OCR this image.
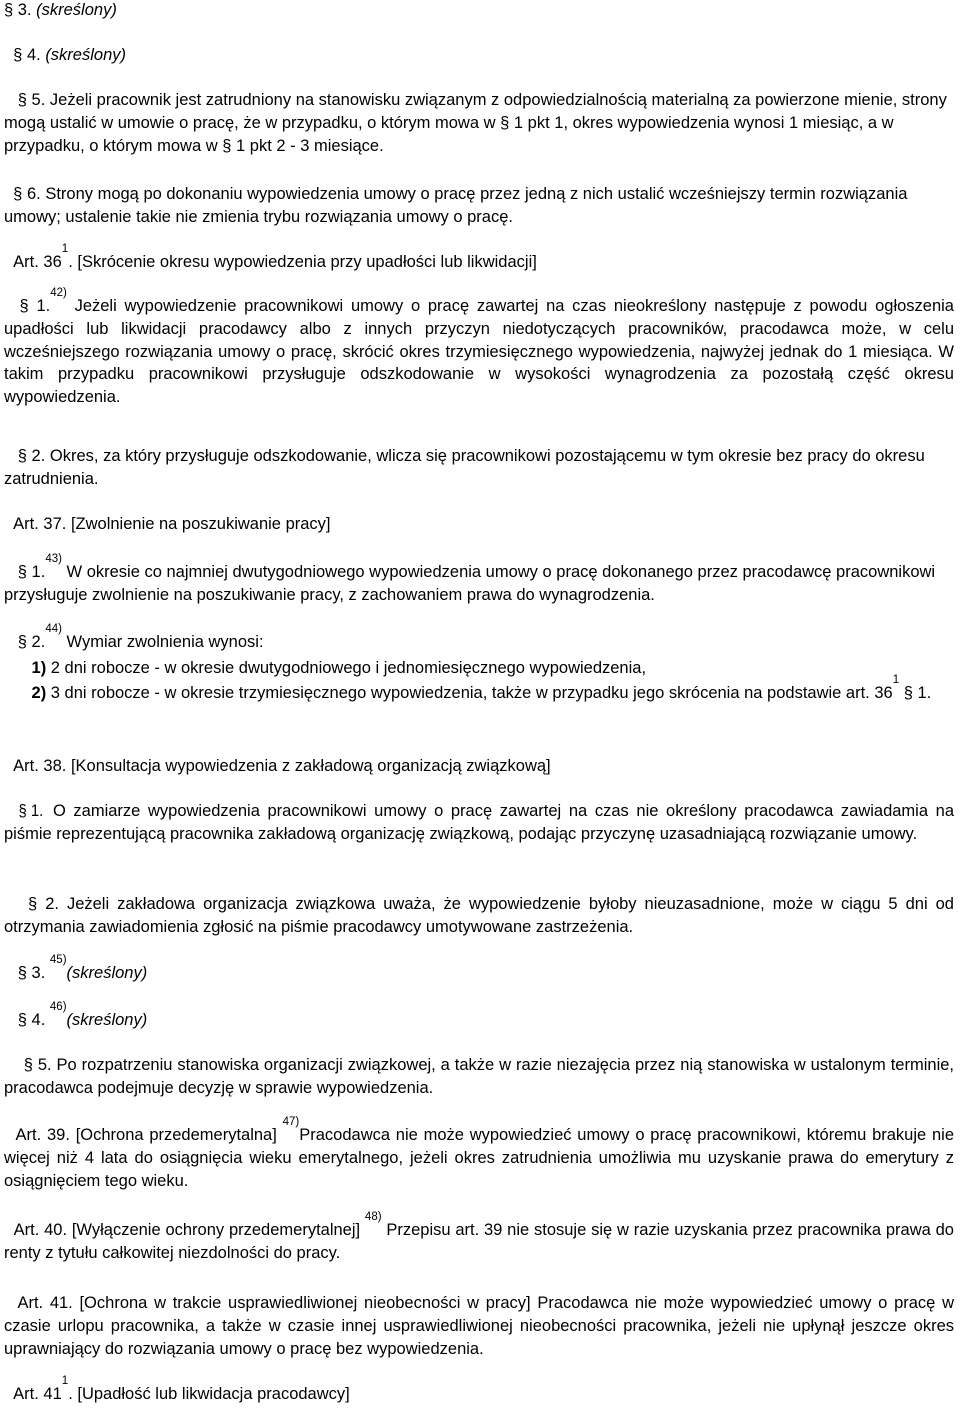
§ 3. (skreślony)

§ 4. (skreślony)

§ 5. Jeżeli pracownik jest zatrudniony na stanowisku związanym z odpowiedzialnością materialną za powierzone mienie, strony mogą ustalić w umowie o pracę, że w przypadku, o którym mowa w § 1 pkt 1, okres wypowiedzenia wynosi 1 miesiąc, a w przypadku, o którym mowa w § 1 pkt 2 - 3 miesiące.

§ 6. Strony mogą po dokonaniu wypowiedzenia umowy o pracę przez jedną z nich ustalić wcześniejszy termin rozwiązania umowy; ustalenie takie nie zmienia trybu rozwiązania umowy o pracę.

Art. $36^1$. [Skrócenie okresu wypowiedzenia przy upadłości lub likwidacji]

§ 1.$^{42)}$ Jeżeli wypowiedzenie pracownikowi umowy o pracę zawartej na czas nieokreślony następuje z powodu ogłoszenia upadłości lub likwidacji pracodawcy albo z innych przyczyn niedotyczących pracowników, pracodawca może, w celu wcześniejszego rozwiązania umowy o pracę, skrócić okres trzymiesięcznego wypowiedzenia, najwyżej jednak do 1 miesiąca. W takim przypadku pracownikowi przysługuje odszkodowanie w wysokości wynagrodzenia za pozostałą część okresu wypowiedzenia.

§ 2. Okres, za który przysługuje odszkodowanie, wlicza się pracownikowi pozostającemu w tym okresie bez pracy do okresu zatrudnienia.

Art. 37. [Zwolnienie na poszukiwanie pracy]

§ 1.$^{43)}$ W okresie co najmniej dwutygodniowego wypowiedzenia umowy o pracę dokonanego przez pracodawcę pracownikowi przysługuje zwolnienie na poszukiwanie pracy, z zachowaniem prawa do wynagrodzenia.

§ 2.$^{44)}$ Wymiar zwolnienia wynosi:

1) 2 dni robocze - w okresie dwutygodniowego i jednomiesięcznego wypowiedzenia,

2) 3 dni robocze - w okresie trzymiesięcznego wypowiedzenia, także w przypadku jego skrócenia na podstawie art. $36^1$ § 1.

Art. 38. [Konsultacja wypowiedzenia z zakładową organizacją związkową]

§ 1. O zamiarze wypowiedzenia pracownikowi umowy o pracę zawartej na czas nie określony pracodawca zawiadamia na piśmie reprezentującą pracownika zakładową organizację związkową, podając przyczynę uzasadniającą rozwiązanie umowy.

§ 2. Jeżeli zakładowa organizacja związkowa uważa, że wypowiedzenie byłoby nieuzasadnione, może w ciągu 5 dni od otrzymania zawiadomienia zgłosić na piśmie pracodawcy umotywowane zastrzeżenia.

§ 3. $^{45)}$(skreślony)

§ 4. $^{46)}$(skreślony)

§ 5. Po rozpatrzeniu stanowiska organizacji związkowej, a także w razie niezajęcia przez nią stanowiska w ustalonym terminie, pracodawca podejmuje decyzję w sprawie wypowiedzenia.

Art. 39. [Ochrona przedemerytalna] $^{47)}$Pracodawca nie może wypowiedzieć umowy o pracę pracownikowi, któremu brakuje nie więcej niż 4 lata do osiągnięcia wieku emerytalnego, jeżeli okres zatrudnienia umożliwia mu uzyskanie prawa do emerytury z osiągnięciem tego wieku.

Art. 40. [Wyłączenie ochrony przedemerytalnej] $^{48)}$ Przepisu art. 39 nie stosuje się w razie uzyskania przez pracownika prawa do renty z tytułu całkowitej niezdolności do pracy.

Art. 41. [Ochrona w trakcie usprawiedliwionej nieobecności w pracy] Pracodawca nie może wypowiedzieć umowy o pracę w czasie urlopu pracownika, a także w czasie innej usprawiedliwionej nieobecności pracownika, jeżeli nie upłynął jeszcze okres uprawniający do rozwiązania umowy o pracę bez wypowiedzenia.

Art. $41^1$. [Upadłość lub likwidacja pracodawcy]
